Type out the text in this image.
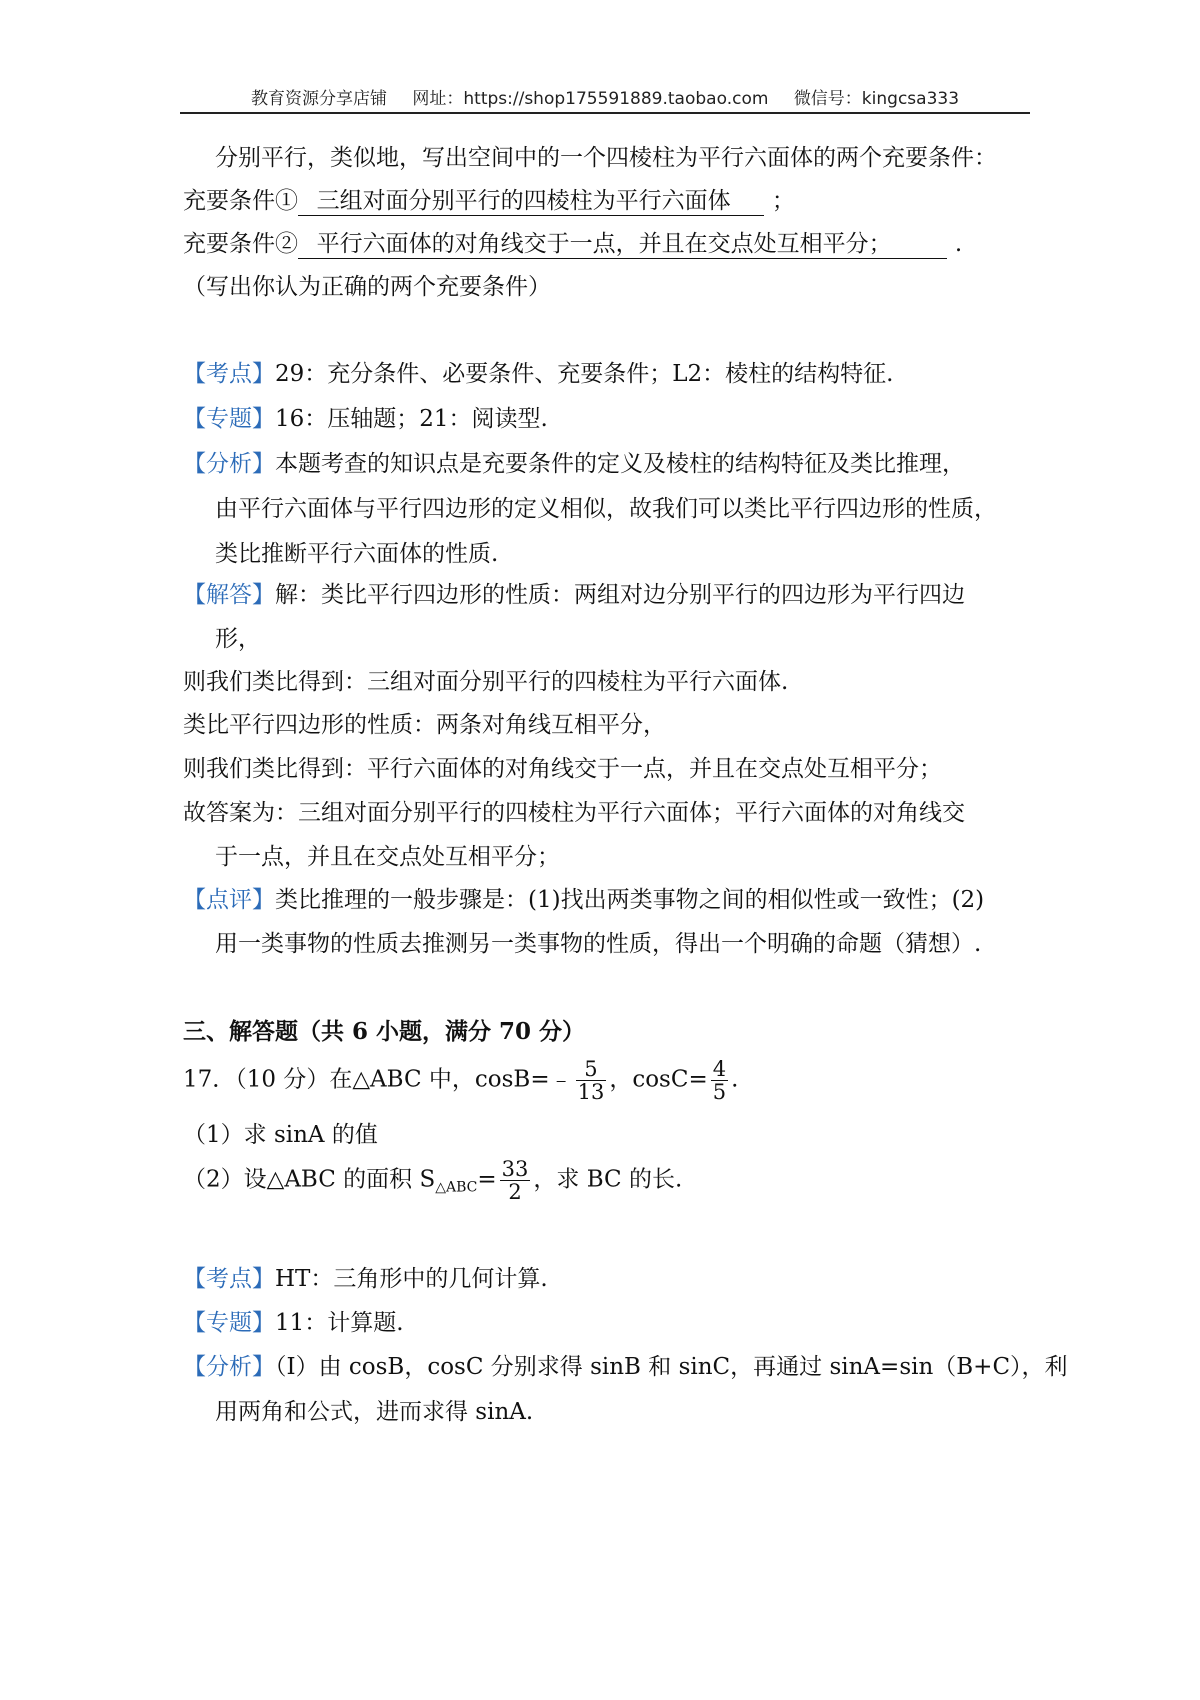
教育资源分享店铺 网址：https://shop175591889.taobao.com 微信号：kingcsa333
分别平行，类似地，写出空间中的一个四棱柱为平行六面体的两个充要条件：
充要条件① 三组对面分别平行的四棱柱为平行六面体 ；
充要条件② 平行六面体的对角线交于一点，并且在交点处互相平分；	.
（写出你认为正确的两个充要条件）
【考点】29：充分条件、必要条件、充要条件；L2：棱柱的结构特征.
【专题】16：压轴题；21：阅读型.
【分析】本题考查的知识点是充要条件的定义及棱柱的结构特征及类比推理，
由平行六面体与平行四边形的定义相似，故我们可以类比平行四边形的性质，
类比推断平行六面体的性质.
【解答】解：类比平行四边形的性质：两组对边分别平行的四边形为平行四边
形，
则我们类比得到：三组对面分别平行的四棱柱为平行六面体.
类比平行四边形的性质：两条对角线互相平分，
则我们类比得到：平行六面体的对角线交于一点，并且在交点处互相平分；
故答案为：三组对面分别平行的四棱柱为平行六面体；平行六面体的对角线交
于一点，并且在交点处互相平分；
【点评】类比推理的一般步骤是：(1)找出两类事物之间的相似性或一致性；(2)
用一类事物的性质去推测另一类事物的性质，得出一个明确的命题（猜想）.
三、解答题（共 6 小题，满分 70 分）
17．（10 分）在△ABC 中，cosB=﹣ $\frac{5}{13}$ ，$\cos C= \frac{4}{5}$ .
（1）求 sinA 的值
（2）设△ABC 的面积 $S_{\triangle ABC}= \frac{33}{2}$ ，求 BC 的长.
【考点】HT：三角形中的几何计算.
【专题】11：计算题.
【分析】（Ⅰ）由 cosB，cosC 分别求得 sinB 和 sinC，再通过 sinA=sin（B+C），利
用两角和公式，进而求得 sinA.
